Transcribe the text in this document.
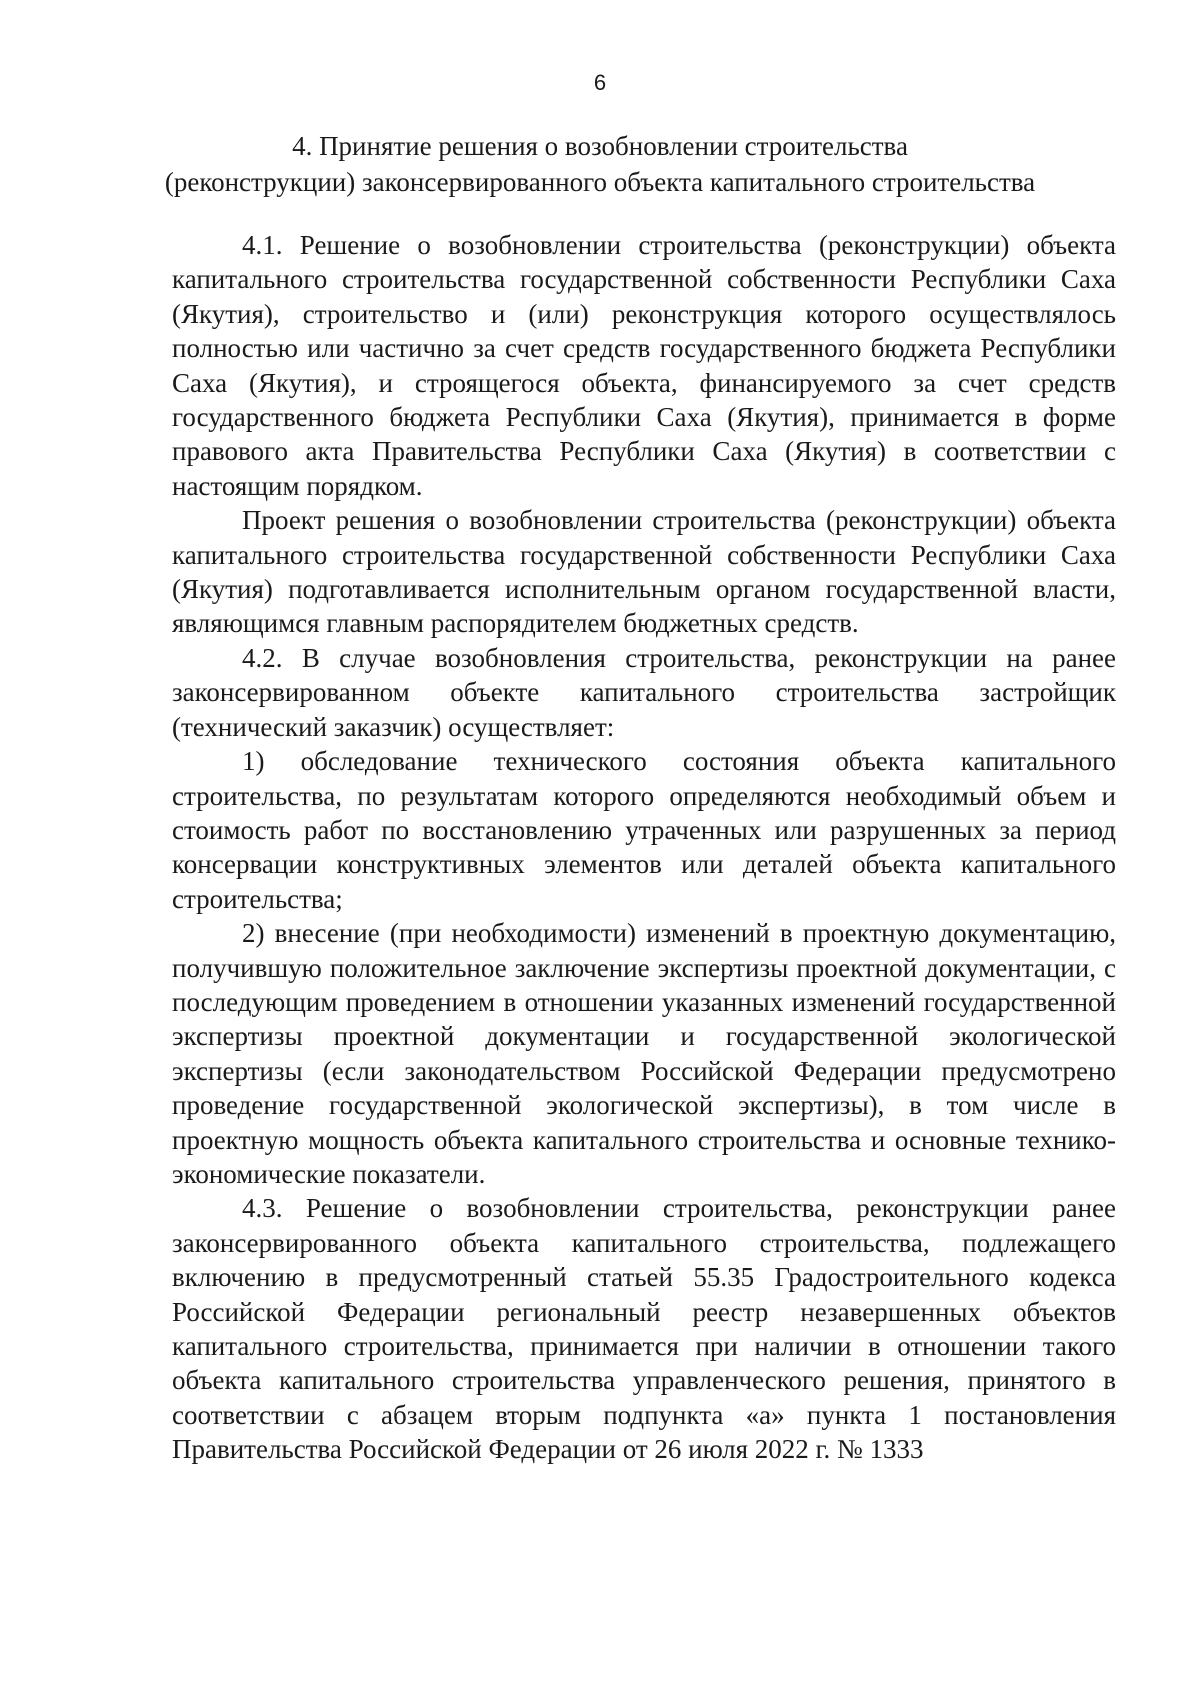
6
4. Принятие решения о возобновлении строительства
(реконструкции) законсервированного объекта капитального строительства

4.1. Решение о возобновлении строительства (реконструкции) объекта капитального строительства государственной собственности Республики Саха (Якутия), строительство и (или) реконструкция которого осуществлялось полностью или частично за счет средств государственного бюджета Республики Саха (Якутия), и строящегося объекта, финансируемого за счет средств государственного бюджета Республики Саха (Якутия), принимается в форме правового акта Правительства Республики Саха (Якутия) в соответствии с настоящим порядком.

Проект решения о возобновлении строительства (реконструкции) объекта капитального строительства государственной собственности Республики Саха (Якутия) подготавливается исполнительным органом государственной власти, являющимся главным распорядителем бюджетных средств.

4.2. В случае возобновления строительства, реконструкции на ранее законсервированном объекте капитального строительства застройщик (технический заказчик) осуществляет:

1) обследование технического состояния объекта капитального строительства, по результатам которого определяются необходимый объем и стоимость работ по восстановлению утраченных или разрушенных за период консервации конструктивных элементов или деталей объекта капитального строительства;

2) внесение (при необходимости) изменений в проектную документацию, получившую положительное заключение экспертизы проектной документации, с последующим проведением в отношении указанных изменений государственной экспертизы проектной документации и государственной экологической экспертизы (если законодательством Российской Федерации предусмотрено проведение государственной экологической экспертизы), в том числе в проектную мощность объекта капитального строительства и основные технико-экономические показатели.

4.3. Решение о возобновлении строительства, реконструкции ранее законсервированного объекта капитального строительства, подлежащего включению в предусмотренный статьей 55.35 Градостроительного кодекса Российской Федерации региональный реестр незавершенных объектов капитального строительства, принимается при наличии в отношении такого объекта капитального строительства управленческого решения, принятого в соответствии с абзацем вторым подпункта «а» пункта 1 постановления Правительства Российской Федерации от 26 июля 2022 г. № 1333
